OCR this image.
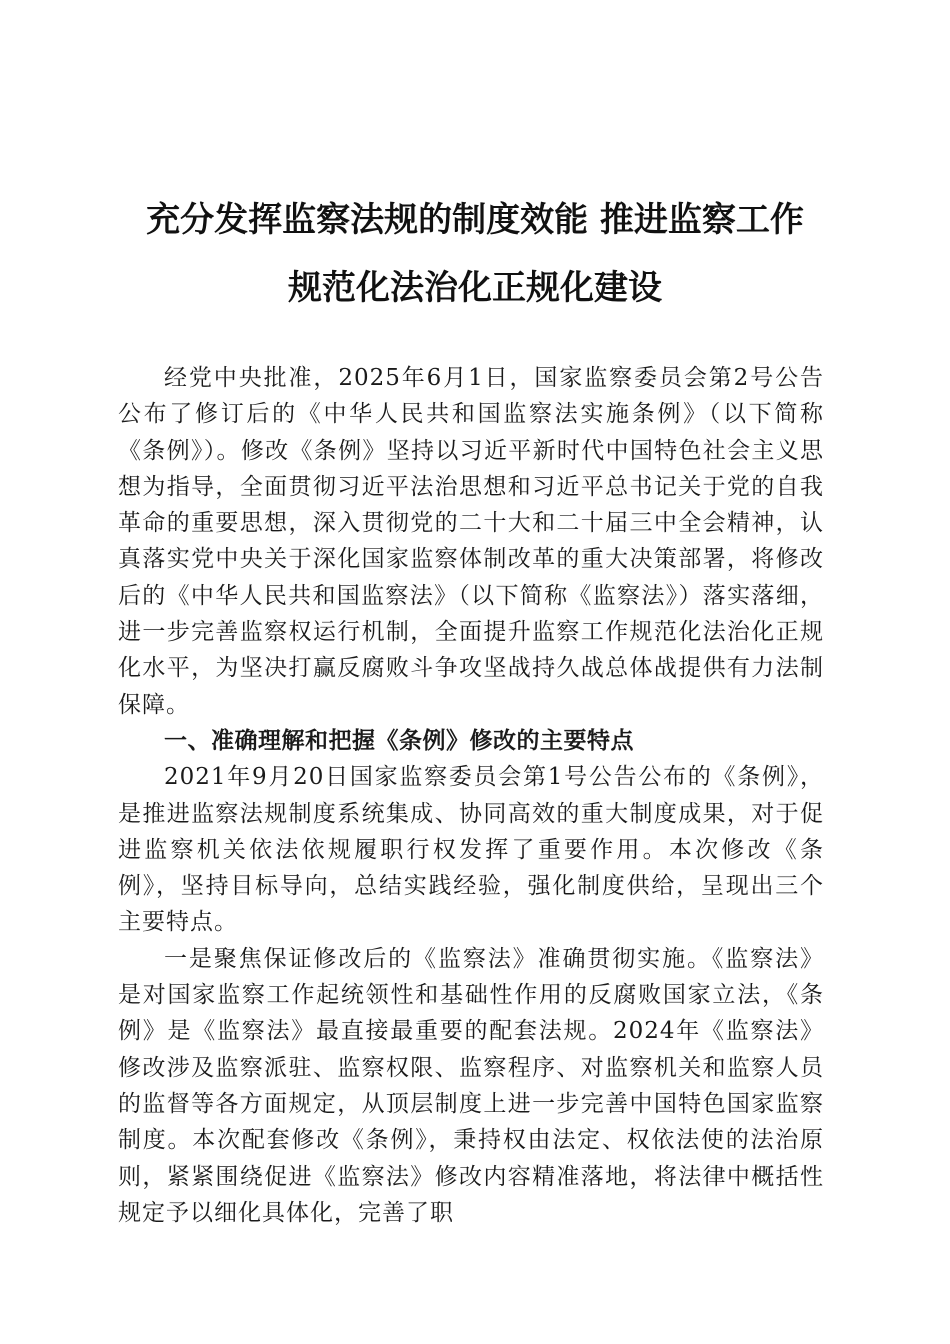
充分发挥监察法规的制度效能 推进监察工作
规范化法治化正规化建设

经党中央批准，2025年6月1日，国家监察委员会第2号公告公布了修订后的《中华人民共和国监察法实施条例》（以下简称《条例》）。修改《条例》坚持以习近平新时代中国特色社会主义思想为指导，全面贯彻习近平法治思想和习近平总书记关于党的自我革命的重要思想，深入贯彻党的二十大和二十届三中全会精神，认真落实党中央关于深化国家监察体制改革的重大决策部署，将修改后的《中华人民共和国监察法》（以下简称《监察法》）落实落细，进一步完善监察权运行机制，全面提升监察工作规范化法治化正规化水平，为坚决打赢反腐败斗争攻坚战持久战总体战提供有力法制保障。

一、准确理解和把握《条例》修改的主要特点

2021年9月20日国家监察委员会第1号公告公布的《条例》，是推进监察法规制度系统集成、协同高效的重大制度成果，对于促进监察机关依法依规履职行权发挥了重要作用。本次修改《条例》，坚持目标导向，总结实践经验，强化制度供给，呈现出三个主要特点。

一是聚焦保证修改后的《监察法》准确贯彻实施。《监察法》是对国家监察工作起统领性和基础性作用的反腐败国家立法，《条例》是《监察法》最直接最重要的配套法规。2024年《监察法》修改涉及监察派驻、监察权限、监察程序、对监察机关和监察人员的监督等各方面规定，从顶层制度上进一步完善中国特色国家监察制度。本次配套修改《条例》，秉持权由法定、权依法使的法治原则，紧紧围绕促进《监察法》修改内容精准落地，将法律中概括性规定予以细化具体化，完善了职
